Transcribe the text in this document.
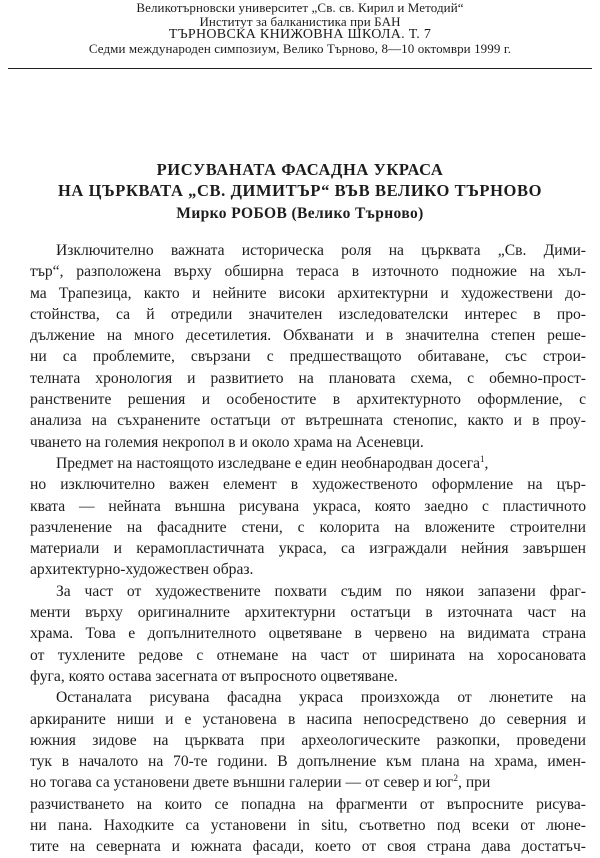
Великотърновски университет „Св. св. Кирил и Методий“
Институт за балканистика при БАН
ТЪРНОВСКА КНИЖОВНА ШКОЛА. Т. 7
Седми международен симпозиум, Велико Търново, 8—10 октомври 1999 г.
РИСУВАНАТА ФАСАДНА УКРАСА
НА ЦЪРКВАТА „СВ. ДИМИТЪР“ ВЪВ ВЕЛИКО ТЪРНОВО
Мирко РОБОВ (Велико Търново)

Изключително важната историческа роля на църквата „Св. Дими-
тър“, разположена върху обширна тераса в източното подножие на хъл-
ма Трапезица, както и нейните високи архитектурни и художествени до-
стойнства, са й отредили значителен изследователски интерес в про-
дължение на много десетилетия. Обхванати и в значителна степен реше-
ни са проблемите, свързани с предшестващото обитаване, със строи-
телната хронология и развитието на плановата схема, с обемно-прост-
ранствените решения и особеностите в архитектурното оформление, с
анализа на съхранените остатъци от вътрешната стенопис, както и в проу-
чването на големия некропол в и около храма на Асеневци.

Предмет на настоящото изследване е един необнародван досега$^1$,
но изключително важен елемент в художественото оформление на цър-
квата — нейната външна рисувана украса, която заедно с пластичното
разчленение на фасадните стени, с колорита на вложените строителни
материали и керамопластичната украса, са изграждали нейния завършен
архитектурно-художествен образ.

За част от художествените похвати съдим по някои запазени фраг-
менти върху оригиналните архитектурни остатъци в източната част на
храма. Това е допълнителното оцветяване в червено на видимата страна
от тухлените редове с отнемане на част от ширината на хоросановата
фуга, която остава засегната от въпросното оцветяване.

Останалата рисувана фасадна украса произхожда от люнетите на
аркираните ниши и е установена в насипа непосредствено до северния и
южния зидове на църквата при археологическите разкопки, проведени
тук в началото на 70-те години. В допълнение към плана на храма, имен-
но тогава са установени двете външни галерии — от север и $юг^2$, при
разчистването на които се попадна на фрагменти от въпросните рисува-
ни пана. Находките са установени in situ, съответно под всеки от люне-
тите на северната и южната фасади, което от своя страна дава достатъч-
